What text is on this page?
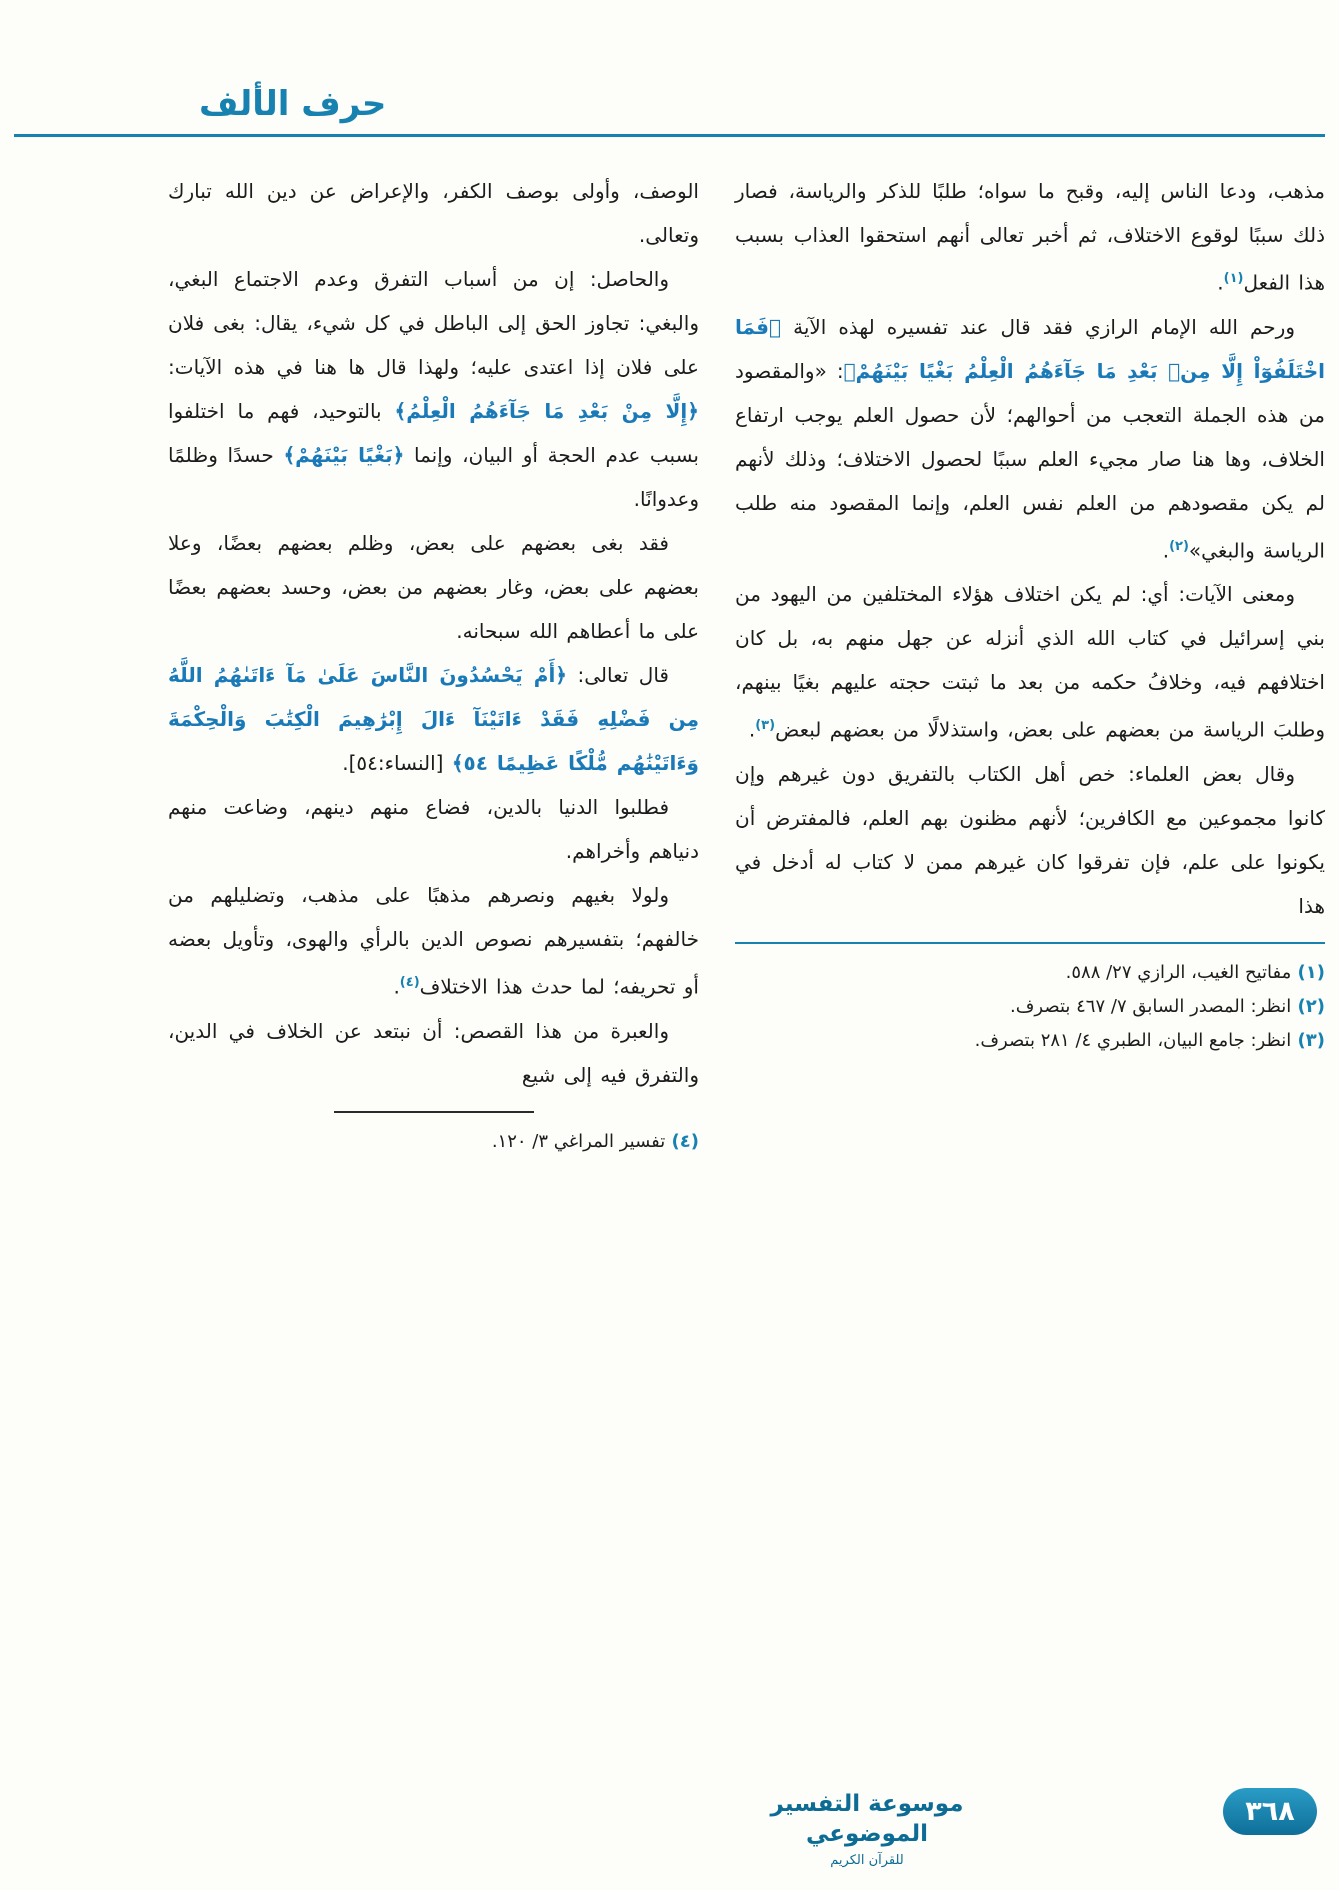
حرف الألف

مذهب، ودعا الناس إليه، وقبح ما سواه؛ طلبًا للذكر والرياسة، فصار ذلك سببًا لوقوع الاختلاف، ثم أخبر تعالى أنهم استحقوا العذاب بسبب هذا الفعل$^{(١)}$.

ورحم الله الإمام الرازي فقد قال عند تفسيره لهذه الآية ﴿فَمَا اخْتَلَفُوٓاْ إِلَّا مِنۢ بَعْدِ مَا جَآءَهُمُ الْعِلْمُ بَغْيًا بَيْنَهُمْ﴾: «والمقصود من هذه الجملة التعجب من أحوالهم؛ لأن حصول العلم يوجب ارتفاع الخلاف، وها هنا صار مجيء العلم سببًا لحصول الاختلاف؛ وذلك لأنهم لم يكن مقصودهم من العلم نفس العلم، وإنما المقصود منه طلب الرياسة والبغي»$^{(٢)}$.

ومعنى الآيات: أي: لم يكن اختلاف هؤلاء المختلفين من اليهود من بني إسرائيل في كتاب الله الذي أنزله عن جهل منهم به، بل كان اختلافهم فيه، وخلافُ حكمه من بعد ما ثبتت حجته عليهم بغيًا بينهم، وطلبَ الرياسة من بعضهم على بعض، واستذلالًا من بعضهم لبعض$^{(٣)}$.

وقال بعض العلماء: خص أهل الكتاب بالتفريق دون غيرهم وإن كانوا مجموعين مع الكافرين؛ لأنهم مظنون بهم العلم، فالمفترض أن يكونوا على علم، فإن تفرقوا كان غيرهم ممن لا كتاب له أدخل في هذا

(١) مفاتيح الغيب، الرازي ٢٧/ ٥٨٨.
(٢) انظر: المصدر السابق ٧/ ٤٦٧ بتصرف.
(٣) انظر: جامع البيان، الطبري ٤/ ٢٨١ بتصرف.

الوصف، وأولى بوصف الكفر، والإعراض عن دين الله تبارك وتعالى.

والحاصل: إن من أسباب التفرق وعدم الاجتماع البغي، والبغي: تجاوز الحق إلى الباطل في كل شيء، يقال: بغى فلان على فلان إذا اعتدى عليه؛ ولهذا قال ها هنا في هذه الآيات: ﴿إِلَّا مِنْ بَعْدِ مَا جَآءَهُمُ الْعِلْمُ﴾ بالتوحيد، فهم ما اختلفوا بسبب عدم الحجة أو البيان، وإنما ﴿بَغْيًا بَيْنَهُمْ﴾ حسدًا وظلمًا وعدوانًا.

فقد بغى بعضهم على بعض، وظلم بعضهم بعضًا، وعلا بعضهم على بعض، وغار بعضهم من بعض، وحسد بعضهم بعضًا على ما أعطاهم الله سبحانه.

قال تعالى: ﴿أَمْ يَحْسُدُونَ النَّاسَ عَلَىٰ مَآ ءَاتَىٰهُمُ اللَّهُ مِن فَضْلِهِ فَقَدْ ءَاتَيْنَآ ءَالَ إِبْرَٰهِيمَ الْكِتَٰبَ وَالْحِكْمَةَ وَءَاتَيْنَٰهُم مُّلْكًا عَظِيمًا ٥٤﴾ [النساء:٥٤].

فطلبوا الدنيا بالدين، فضاع منهم دينهم، وضاعت منهم دنياهم وأخراهم.

ولولا بغيهم ونصرهم مذهبًا على مذهب، وتضليلهم من خالفهم؛ بتفسيرهم نصوص الدين بالرأي والهوى، وتأويل بعضه أو تحريفه؛ لما حدث هذا الاختلاف$^{(٤)}$.

والعبرة من هذا القصص: أن نبتعد عن الخلاف في الدين، والتفرق فيه إلى شيع

(٤) تفسير المراغي ٣/ ١٢٠.
موسوعة التفسير الموضوعي
للقرآن الكريم
٣٦٨
